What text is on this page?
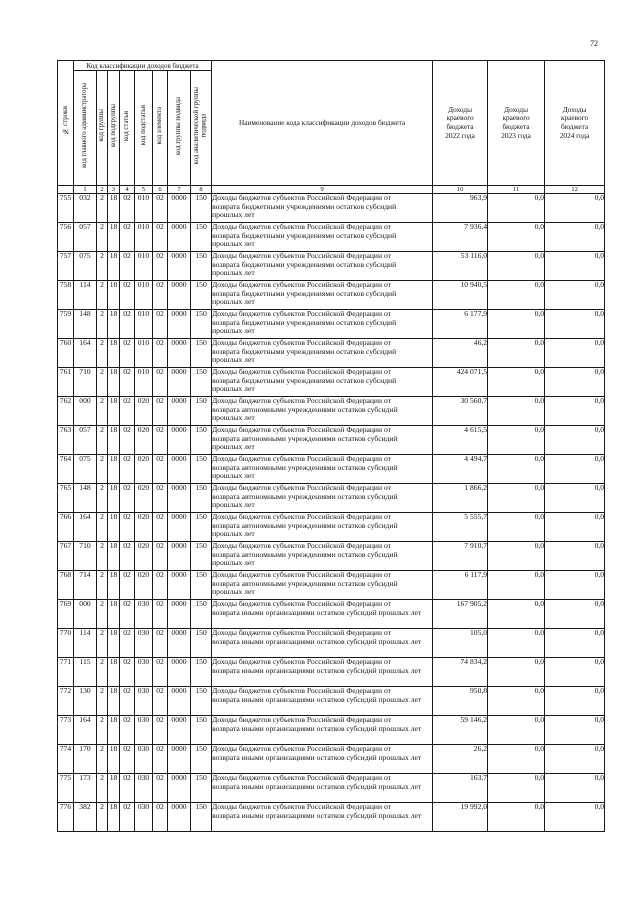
72
№ строки	Код классификации доходов бюджета								Наименование кода классификации доходов бюджета	Доходы
краевого
бюджета
2022 года	Доходы
краевого
бюджета
2023 года	Доходы
краевого
бюджета
2024 года

	код главного администратора	код группы	код подгруппы	код статьи	код подстатьи	код элемента	код группы подвида	код аналитической группы подвида				

	1	2	3	4	5	6	7	8	9	10	11	12
755	032	2	18	02	010	02	0000	150	Доходы бюджетов субъектов Российской Федерации от
возврата бюджетными учреждениями остатков субсидий
прошлых лет	963,9	0,0	0,0
756	057	2	18	02	010	02	0000	150	Доходы бюджетов субъектов Российской Федерации от
возврата бюджетными учреждениями остатков субсидий
прошлых лет	7 936,4	0,0	0,0
757	075	2	18	02	010	02	0000	150	Доходы бюджетов субъектов Российской Федерации от
возврата бюджетными учреждениями остатков субсидий
прошлых лет	53 116,0	0,0	0,0
758	114	2	18	02	010	02	0000	150	Доходы бюджетов субъектов Российской Федерации от
возврата бюджетными учреждениями остатков субсидий
прошлых лет	10 940,5	0,0	0,0
759	148	2	18	02	010	02	0000	150	Доходы бюджетов субъектов Российской Федерации от
возврата бюджетными учреждениями остатков субсидий
прошлых лет	6 177,9	0,0	0,0
760	164	2	18	02	010	02	0000	150	Доходы бюджетов субъектов Российской Федерации от
возврата бюджетными учреждениями остатков субсидий
прошлых лет	46,2	0,0	0,0
761	710	2	18	02	010	02	0000	150	Доходы бюджетов субъектов Российской Федерации от
возврата бюджетными учреждениями остатков субсидий
прошлых лет	424 071,5	0,0	0,0
762	000	2	18	02	020	02	0000	150	Доходы бюджетов субъектов Российской Федерации от
возврата автономными учреждениями остатков субсидий
прошлых лет	30 560,7	0,0	0,0
763	057	2	18	02	020	02	0000	150	Доходы бюджетов субъектов Российской Федерации от
возврата автономными учреждениями остатков субсидий
прошлых лет	4 615,5	0,0	0,0
764	075	2	18	02	020	02	0000	150	Доходы бюджетов субъектов Российской Федерации от
возврата автономными учреждениями остатков субсидий
прошлых лет	4 494,7	0,0	0,0
765	148	2	18	02	020	02	0000	150	Доходы бюджетов субъектов Российской Федерации от
возврата автономными учреждениями остатков субсидий
прошлых лет	1 866,2	0,0	0,0
766	164	2	18	02	020	02	0000	150	Доходы бюджетов субъектов Российской Федерации от
возврата автономными учреждениями остатков субсидий
прошлых лет	5 555,7	0,0	0,0
767	710	2	18	02	020	02	0000	150	Доходы бюджетов субъектов Российской Федерации от
возврата автономными учреждениями остатков субсидий
прошлых лет	7 910,7	0,0	0,0
768	714	2	18	02	020	02	0000	150	Доходы бюджетов субъектов Российской Федерации от
возврата автономными учреждениями остатков субсидий
прошлых лет	6 117,9	0,0	0,0
769	000	2	18	02	030	02	0000	150	Доходы бюджетов субъектов Российской Федерации от
возврата иными организациями остатков субсидий прошлых лет	167 905,2	0,0	0,0
770	114	2	18	02	030	02	0000	150	Доходы бюджетов субъектов Российской Федерации от
возврата иными организациями остатков субсидий прошлых лет	105,0	0,0	0,0
771	115	2	18	02	030	02	0000	150	Доходы бюджетов субъектов Российской Федерации от
возврата иными организациями остатков субсидий прошлых лет	74 834,2	0,0	0,0
772	130	2	18	02	030	02	0000	150	Доходы бюджетов субъектов Российской Федерации от
возврата иными организациями остатков субсидий прошлых лет	950,8	0,0	0,0
773	164	2	18	02	030	02	0000	150	Доходы бюджетов субъектов Российской Федерации от
возврата иными организациями остатков субсидий прошлых лет	59 146,2	0,0	0,0
774	170	2	18	02	030	02	0000	150	Доходы бюджетов субъектов Российской Федерации от
возврата иными организациями остатков субсидий прошлых лет	26,2	0,0	0,0
775	173	2	18	02	030	02	0000	150	Доходы бюджетов субъектов Российской Федерации от
возврата иными организациями остатков субсидий прошлых лет	163,7	0,0	0,0
776	382	2	18	02	030	02	0000	150	Доходы бюджетов субъектов Российской Федерации от
возврата иными организациями остатков субсидий прошлых лет	19 992,0	0,0	0,0
